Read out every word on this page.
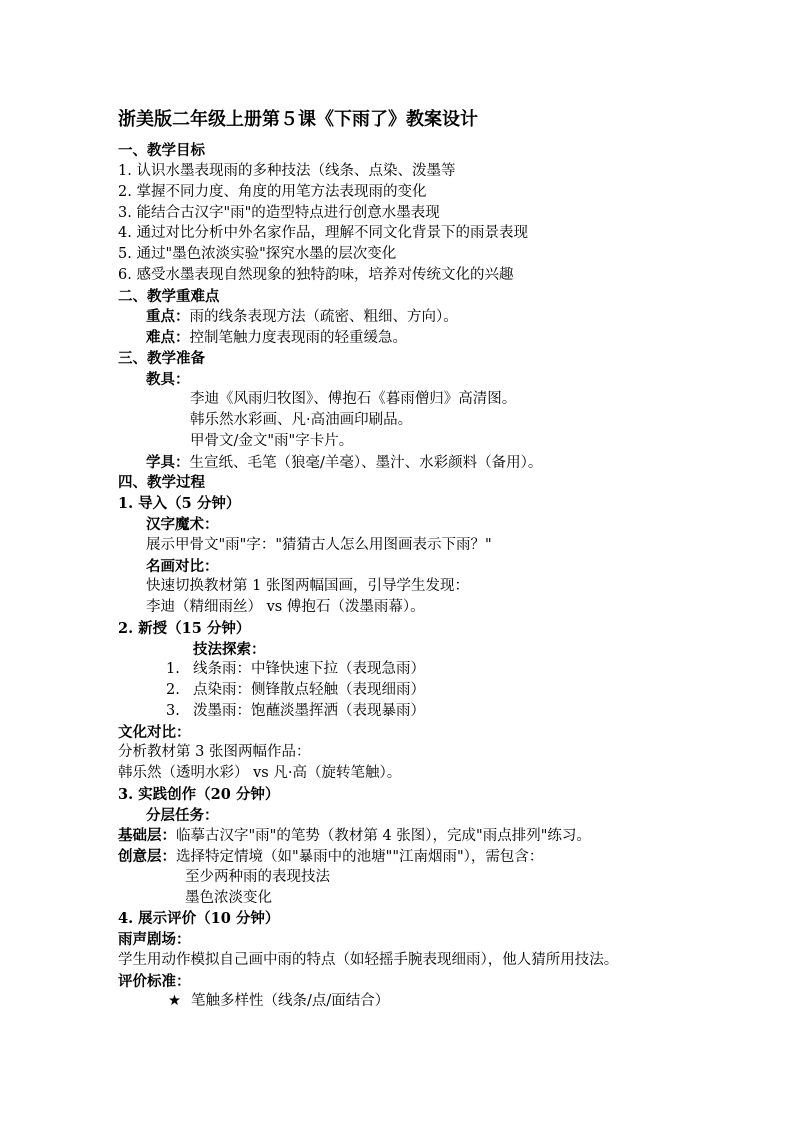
浙美版二年级上册第５课《下雨了》教案设计
一、教学目标
1. 认识水墨表现雨的多种技法（线条、点染、泼墨等
2. 掌握不同力度、角度的用笔方法表现雨的变化
3. 能结合古汉字"雨"的造型特点进行创意水墨表现
4. 通过对比分析中外名家作品，理解不同文化背景下的雨景表现
5. 通过"墨色浓淡实验"探究水墨的层次变化
6. 感受水墨表现自然现象的独特韵味，培养对传统文化的兴趣
二、教学重难点
重点：雨的线条表现方法（疏密、粗细、方向）。
难点：控制笔触力度表现雨的轻重缓急。
三、教学准备
教具：
李迪《风雨归牧图》、傅抱石《暮雨僧归》高清图。
韩乐然水彩画、凡·高油画印刷品。
甲骨文/金文"雨"字卡片。
学具：生宣纸、毛笔（狼毫/羊毫）、墨汁、水彩颜料（备用）。
四、教学过程
1. 导入（5 分钟）
汉字魔术：
展示甲骨文"雨"字："猜猜古人怎么用图画表示下雨？"
名画对比：
快速切换教材第 1 张图两幅国画，引导学生发现：
李迪（精细雨丝） vs 傅抱石（泼墨雨幕）。
2. 新授（15 分钟）
技法探索：
1. 线条雨：中锋快速下拉（表现急雨）
2. 点染雨：侧锋散点轻触（表现细雨）
3. 泼墨雨：饱蘸淡墨挥洒（表现暴雨）
文化对比：
分析教材第 3 张图两幅作品：
韩乐然（透明水彩） vs 凡·高（旋转笔触）。
3. 实践创作（20 分钟）
分层任务：
基础层：临摹古汉字"雨"的笔势（教材第 4 张图），完成"雨点排列"练习。
创意层：选择特定情境（如"暴雨中的池塘""江南烟雨"），需包含：
至少两种雨的表现技法
墨色浓淡变化
4. 展示评价（10 分钟）
雨声剧场：
学生用动作模拟自己画中雨的特点（如轻摇手腕表现细雨），他人猜所用技法。
评价标准：
★ 笔触多样性（线条/点/面结合）
